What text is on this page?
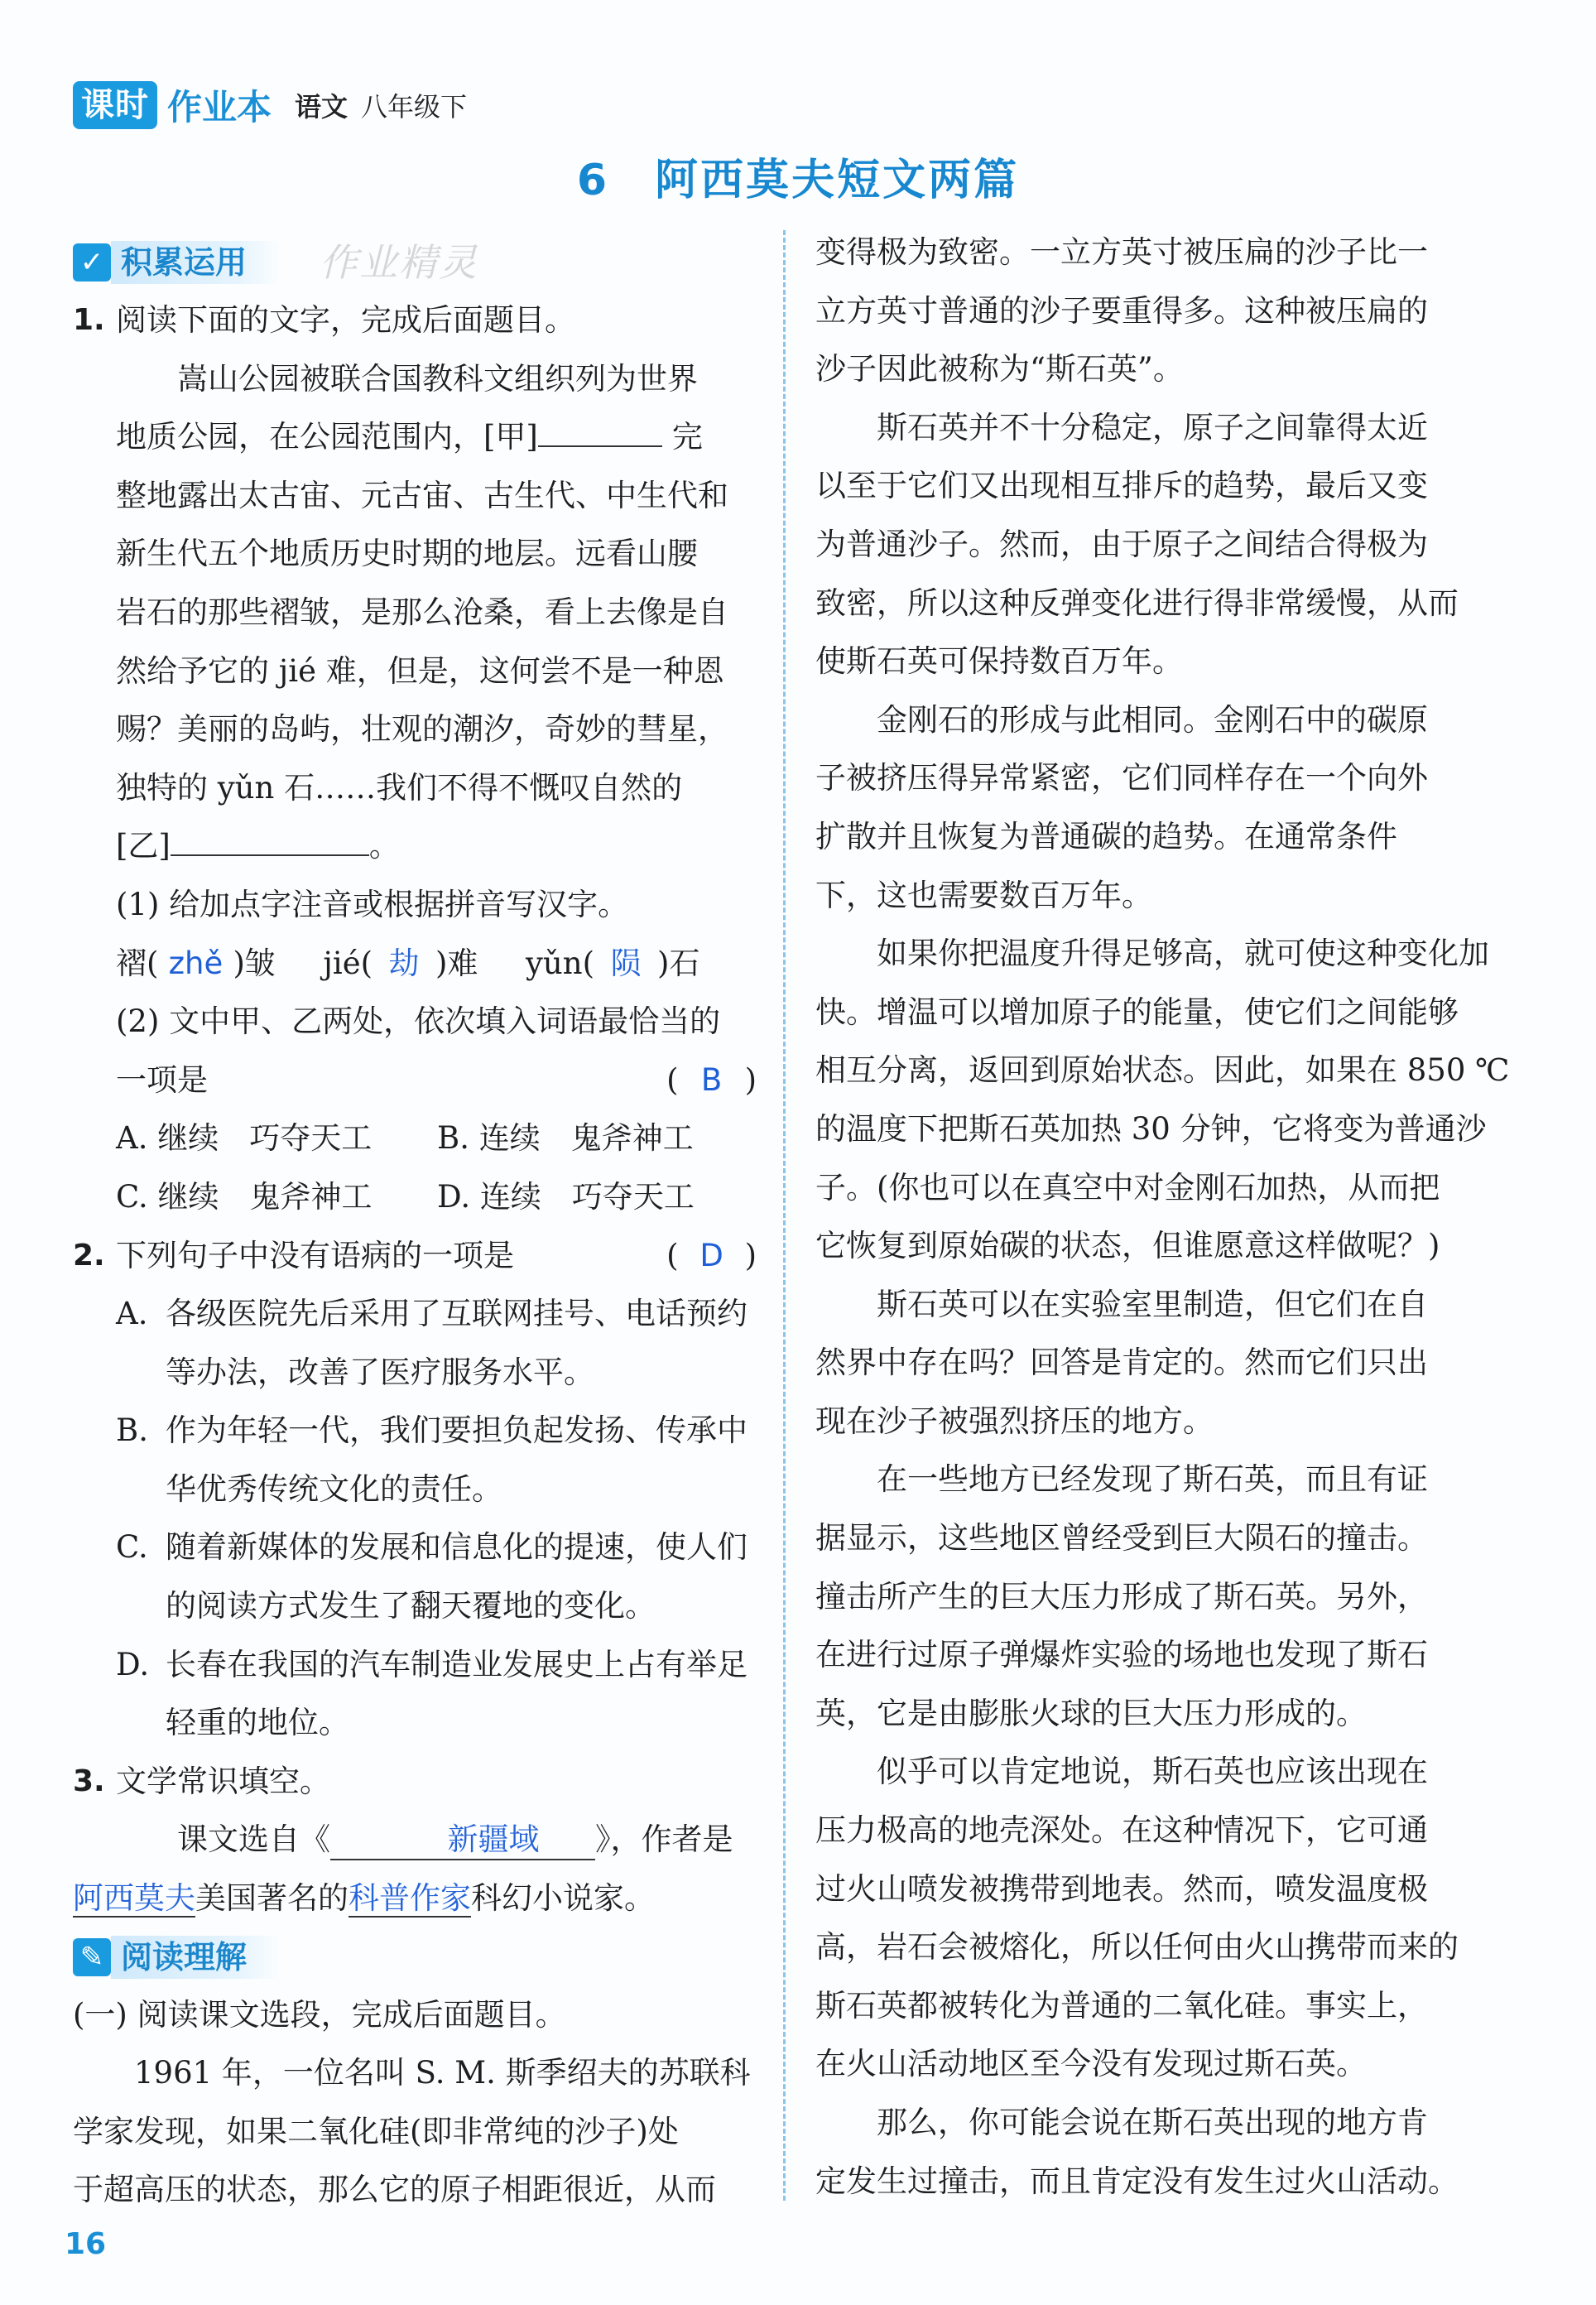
课时 作业本 语文 八年级下
6　阿西莫夫短文两篇
✓ 积累运用	作业精灵
1. 阅读下面的文字，完成后面题目。
嵩山公园被联合国教科文组织列为世界
地质公园，在公园范围内，[甲]	完
整地露出太古宙、元古宙、古生代、中生代和
新生代五个地质历史时期的地层。远看山腰
岩石的那些褶皱，是那么沧桑，看上去像是自
然给予它的 jié 难，但是，这何尝不是一种恩
赐？美丽的岛屿，壮观的潮汐，奇妙的彗星，
独特的 yǔn 石……我们不得不慨叹自然的
[乙]	。
(1) 给加点字注音或根据拼音写汉字。
褶( zhě )皱 jié( 劫 )难 yǔn( 陨 )石
(2) 文中甲、乙两处，依次填入词语最恰当的
一项是	( B )
A. 继续　巧夺天工	B. 连续　鬼斧神工
C. 继续　鬼斧神工	D. 连续　巧夺天工
2. 下列句子中没有语病的一项是	( D )
A. 各级医院先后采用了互联网挂号、电话预约等办法，改善了医疗服务水平。
B. 作为年轻一代，我们要担负起发扬、传承中华优秀传统文化的责任。
C. 随着新媒体的发展和信息化的提速，使人们的阅读方式发生了翻天覆地的变化。
D. 长春在我国的汽车制造业发展史上占有举足轻重的地位。
3. 文学常识填空。
课文选自《	新疆域 》，作者是
阿西莫夫美国著名的科普作家科幻小说家。
✎ 阅读理解
(一) 阅读课文选段，完成后面题目。
1961 年，一位名叫 S. M. 斯季绍夫的苏联科
学家发现，如果二氧化硅(即非常纯的沙子)处
于超高压的状态，那么它的原子相距很近，从而
变得极为致密。一立方英寸被压扁的沙子比一
立方英寸普通的沙子要重得多。这种被压扁的
沙子因此被称为“斯石英”。
斯石英并不十分稳定，原子之间靠得太近
以至于它们又出现相互排斥的趋势，最后又变
为普通沙子。然而，由于原子之间结合得极为
致密，所以这种反弹变化进行得非常缓慢，从而
使斯石英可保持数百万年。
金刚石的形成与此相同。金刚石中的碳原
子被挤压得异常紧密，它们同样存在一个向外
扩散并且恢复为普通碳的趋势。在通常条件
下，这也需要数百万年。
如果你把温度升得足够高，就可使这种变化加
快。增温可以增加原子的能量，使它们之间能够
相互分离，返回到原始状态。因此，如果在 850 ℃
的温度下把斯石英加热 30 分钟，它将变为普通沙
子。(你也可以在真空中对金刚石加热，从而把
它恢复到原始碳的状态，但谁愿意这样做呢？)
斯石英可以在实验室里制造，但它们在自
然界中存在吗？回答是肯定的。然而它们只出
现在沙子被强烈挤压的地方。
在一些地方已经发现了斯石英，而且有证
据显示，这些地区曾经受到巨大陨石的撞击。
撞击所产生的巨大压力形成了斯石英。另外，
在进行过原子弹爆炸实验的场地也发现了斯石
英，它是由膨胀火球的巨大压力形成的。
似乎可以肯定地说，斯石英也应该出现在
压力极高的地壳深处。在这种情况下，它可通
过火山喷发被携带到地表。然而，喷发温度极
高，岩石会被熔化，所以任何由火山携带而来的
斯石英都被转化为普通的二氧化硅。事实上，
在火山活动地区至今没有发现过斯石英。
那么，你可能会说在斯石英出现的地方肯
定发生过撞击，而且肯定没有发生过火山活动。
16
